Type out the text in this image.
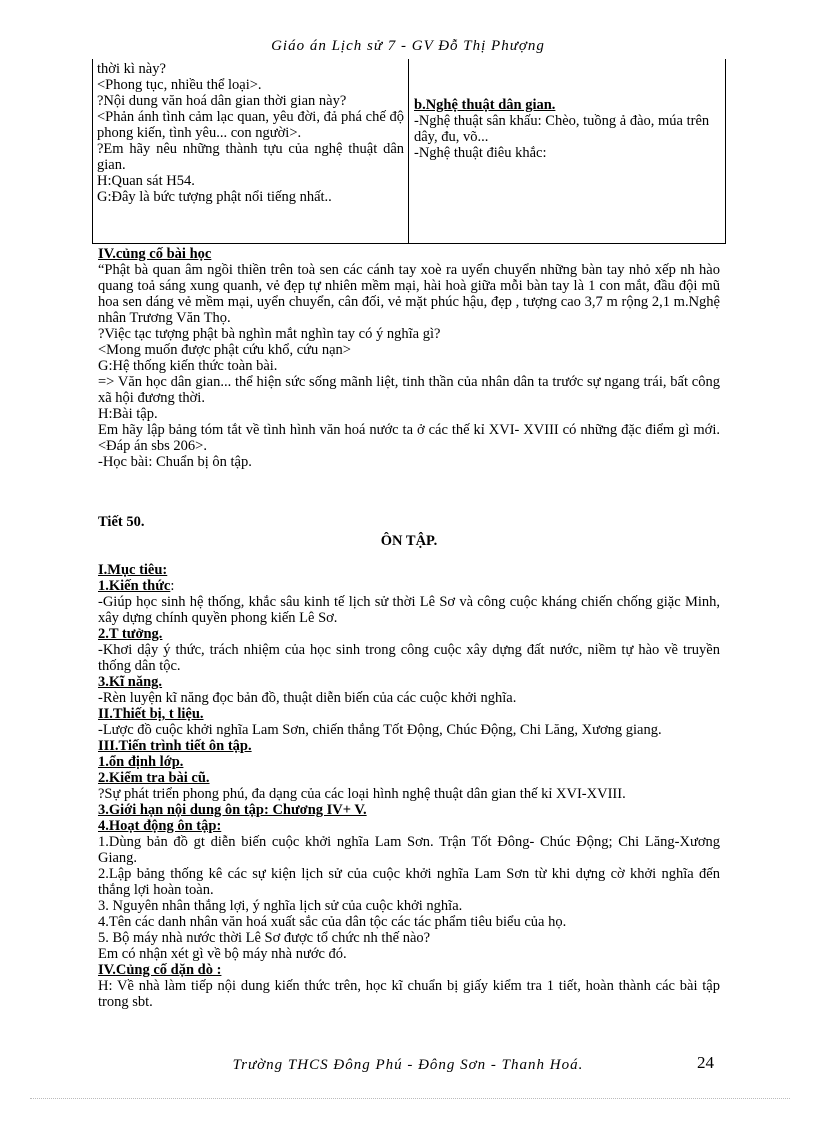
Giáo án Lịch sử 7 - GV Đỗ Thị Phượng
thời kì này?
<Phong tục, nhiều thể loại>.
?Nội dung văn hoá dân gian thời gian này?
<Phản ánh tình cảm lạc quan, yêu đời, đả phá chế độ phong kiến, tình yêu... con người>.
?Em hãy nêu những thành tựu của nghệ thuật dân gian.
H:Quan sát H54.
G:Đây là bức tượng phật nổi tiếng nhất..
b.Nghệ thuật dân gian.
-Nghệ thuật sân khấu: Chèo, tuồng ả đào, múa trên dây, đu, võ...
-Nghệ thuật điêu khắc:
IV.củng cố bài học
“Phật bà quan âm ngồi thiền trên toà sen các cánh tay xoè ra uyển chuyển những bàn tay nhỏ xếp nh hào quang toả sáng xung quanh, vẻ đẹp tự nhiên mềm mại, hài hoà giữa mỗi bàn tay là 1 con mắt, đầu đội mũ hoa sen dáng vẻ mềm mại, uyển chuyển, cân đối, vẻ mặt phúc hậu, đẹp , tượng cao 3,7 m rộng 2,1 m.Nghệ nhân Trương Văn Thọ.
?Việc tạc tượng phật bà nghìn mắt nghìn tay có ý nghĩa gì?
<Mong muốn được phật cứu khổ, cứu nạn>
G:Hệ thống kiến thức toàn bài.
=> Văn học dân gian... thể hiện sức sống mãnh liệt, tinh thần của nhân dân ta trước sự ngang trái, bất công xã hội đương thời.
H:Bài tập.
Em hãy lập bảng tóm tắt về tình hình văn hoá nước ta ở các thế kỉ XVI- XVIII có những đặc điểm gì mới. <Đáp án sbs 206>.
-Học bài: Chuẩn bị ôn tập.
Tiết 50.
ÔN TẬP.
I.Mục tiêu:
1.Kiến thức:
-Giúp học sinh hệ thống, khắc sâu kinh tế lịch sử thời Lê Sơ và công cuộc kháng chiến chống giặc Minh, xây dựng chính quyền phong kiến Lê Sơ.
2.T tưởng.
-Khơi dậy ý thức, trách nhiệm của học sinh trong công cuộc xây dựng đất nước, niềm tự hào về truyền thống dân tộc.
3.Kĩ năng.
-Rèn luyện kĩ năng đọc bản đồ, thuật diễn biến của các cuộc khởi nghĩa.
II.Thiết bị, t liệu.
-Lược đồ cuộc khởi nghĩa Lam Sơn, chiến thắng Tốt Động, Chúc Động, Chi Lăng, Xương giang.
III.Tiến trình tiết ôn tập.
1.ổn định lớp.
2.Kiểm tra bài cũ.
?Sự phát triển phong phú, đa dạng của các loại hình nghệ thuật dân gian thế kỉ XVI-XVIII.
3.Giới hạn nội dung ôn tập: Chương IV+ V.
4.Hoạt động ôn tập:
1.Dùng bản đồ gt diễn biến cuộc khởi nghĩa Lam Sơn. Trận Tốt Đông- Chúc Động; Chi Lăng-Xương Giang.
2.Lập bảng thống kê các sự kiện lịch sử của cuộc khởi nghĩa Lam Sơn từ khi dựng cờ khởi nghĩa đến thắng lợi hoàn toàn.
3. Nguyên nhân thắng lợi, ý nghĩa lịch sử của cuộc khởi nghĩa.
4.Tên các danh nhân văn hoá xuất sắc của dân tộc các tác phẩm tiêu biểu của họ.
5. Bộ máy nhà nước thời Lê Sơ được tổ chức nh thế nào?
Em có nhận xét gì về bộ máy nhà nước đó.
IV.Củng cố dặn dò :
H: Về nhà làm tiếp nội dung kiến thức trên, học kĩ chuẩn bị giấy kiểm tra 1 tiết, hoàn thành các bài tập trong sbt.
Trường THCS Đông Phú - Đông Sơn - Thanh Hoá.	24
